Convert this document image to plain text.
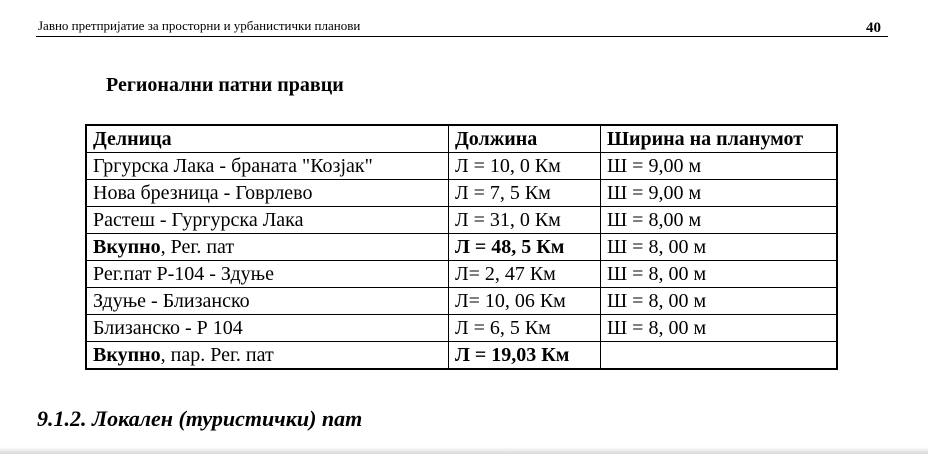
Јавно претпријатие за просторни и урбанистички планови	40
Регионални патни правци
Делница	Должина	Ширина на планумот
Гргурска Лака - браната "Козјак"	Л = 10, 0 Км	Ш = 9,00 м
Нова брезница - Говрлево	Л = 7, 5 Км	Ш = 9,00 м
Растеш - Гургурска Лака	Л = 31, 0 Км	Ш = 8,00 м
Вкупно, Рег. пат	Л = 48, 5 Км	Ш = 8, 00 м
Рег.пат Р-104 - Здуње	Л= 2, 47 Км	Ш = 8, 00 м
Здуње - Близанско	Л= 10, 06 Км	Ш = 8, 00 м
Близанско - Р 104	Л = 6, 5 Км	Ш = 8, 00 м
Вкупно, пар. Рег. пат	Л = 19,03 Км	
9.1.2. Локален (туристички) пат
